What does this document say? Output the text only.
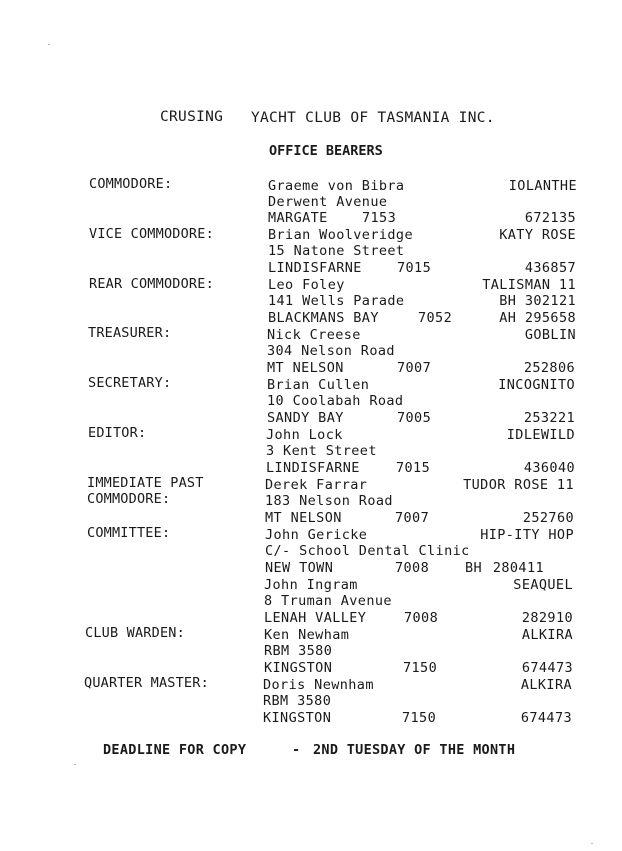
CRUSING YACHT CLUB OF TASMANIA INC.
OFFICE BEARERS
COMMODORE:	Graeme von Bibra	IOLANTHE
Derwent Avenue
MARGATE	7153	672135
VICE COMMODORE:	Brian Woolveridge	KATY ROSE
15 Natone Street
LINDISFARNE	7015	436857
REAR COMMODORE:	Leo Foley	TALISMAN 11
141 Wells Parade	BH 302121
BLACKMANS BAY	7052	AH 295658
TREASURER:	Nick Creese	GOBLIN
304 Nelson Road
MT NELSON	7007	252806
SECRETARY:	Brian Cullen	INCOGNITO
10 Coolabah Road
SANDY BAY	7005	253221
EDITOR:	John Lock	IDLEWILD
3 Kent Street
LINDISFARNE	7015	436040
IMMEDIATE PAST
COMMODORE:
Derek Farrar	TUDOR ROSE 11
183 Nelson Road
MT NELSON	7007	252760
COMMITTEE:	John Gericke	HIP-ITY HOP
C/- School Dental Clinic
NEW TOWN	7008	BH 280411
John Ingram	SEAQUEL
8 Truman Avenue
LENAH VALLEY	7008	282910
CLUB WARDEN:	Ken Newham	ALKIRA
RBM 3580
KINGSTON	7150	674473
QUARTER MASTER:	Doris Newnham	ALKIRA
RBM 3580
KINGSTON	7150	674473
DEADLINE FOR COPY	- 2ND TUESDAY OF THE MONTH
